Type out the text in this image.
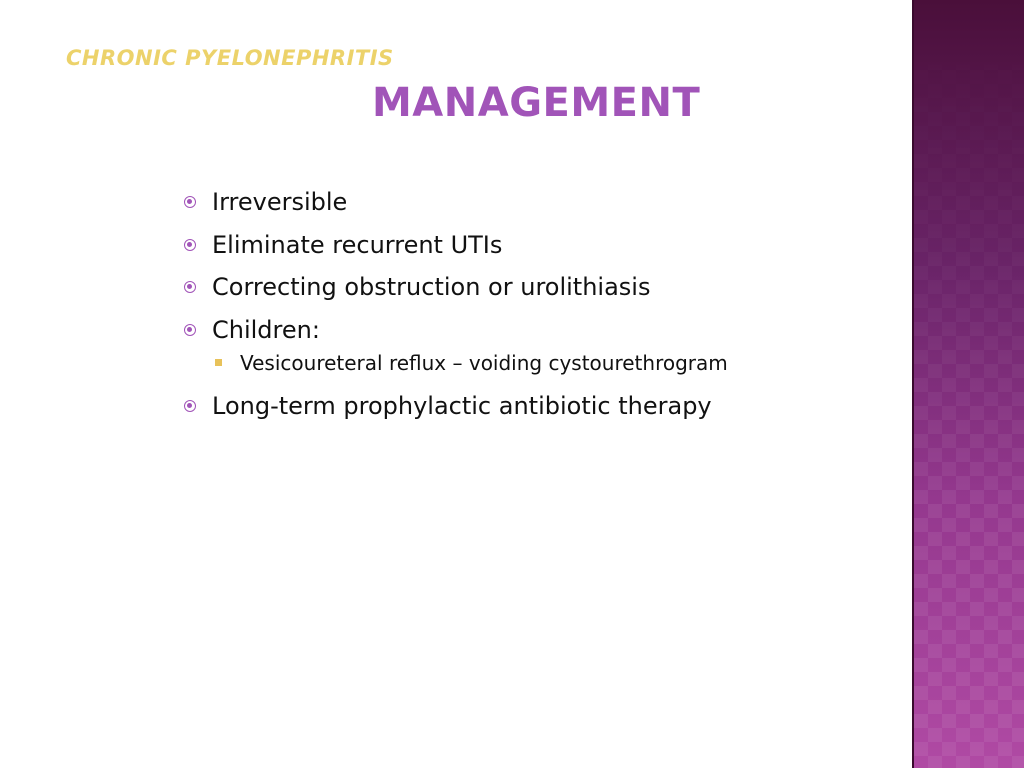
CHRONIC PYELONEPHRITIS
MANAGEMENT
Irreversible
Eliminate recurrent UTIs
Correcting obstruction or urolithiasis
Children:
Vesicoureteral reflux – voiding cystourethrogram
Long-term prophylactic antibiotic therapy
